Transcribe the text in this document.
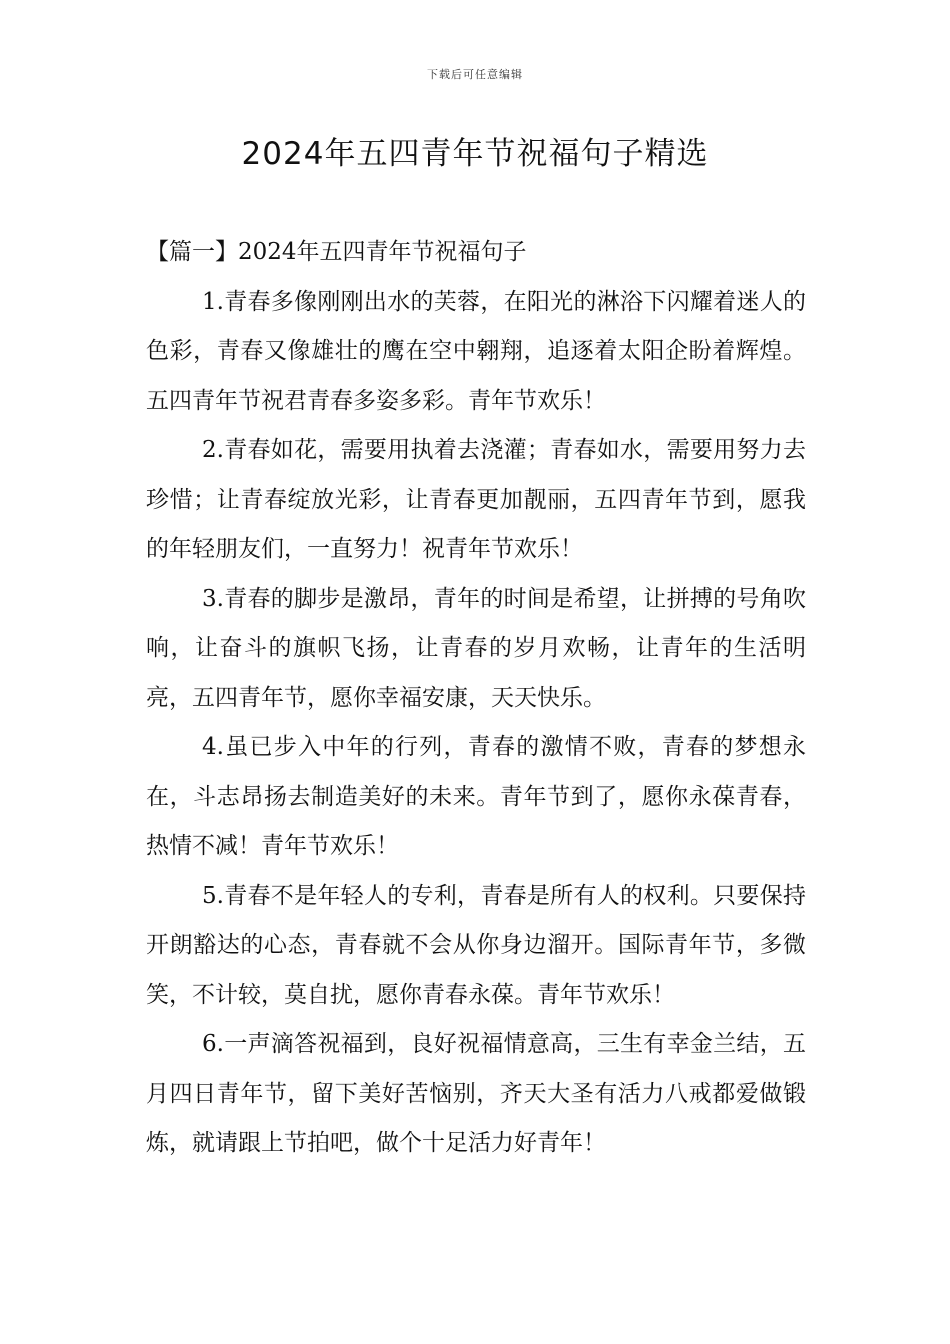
下载后可任意编辑
2024年五四青年节祝福句子精选

【篇一】2024年五四青年节祝福句子

1.青春多像刚刚出水的芙蓉，在阳光的淋浴下闪耀着迷人的色彩，青春又像雄壮的鹰在空中翱翔，追逐着太阳企盼着辉煌。五四青年节祝君青春多姿多彩。青年节欢乐！

2.青春如花，需要用执着去浇灌；青春如水，需要用努力去珍惜；让青春绽放光彩，让青春更加靓丽，五四青年节到，愿我的年轻朋友们，一直努力！祝青年节欢乐！

3.青春的脚步是激昂，青年的时间是希望，让拼搏的号角吹响，让奋斗的旗帜飞扬，让青春的岁月欢畅，让青年的生活明亮，五四青年节，愿你幸福安康，天天快乐。

4.虽已步入中年的行列，青春的激情不败，青春的梦想永在，斗志昂扬去制造美好的未来。青年节到了，愿你永葆青春，热情不减！青年节欢乐！

5.青春不是年轻人的专利，青春是所有人的权利。只要保持开朗豁达的心态，青春就不会从你身边溜开。国际青年节，多微笑，不计较，莫自扰，愿你青春永葆。青年节欢乐！

6.一声滴答祝福到，良好祝福情意高，三生有幸金兰结，五月四日青年节，留下美好苦恼别，齐天大圣有活力八戒都爱做锻炼，就请跟上节拍吧，做个十足活力好青年！
